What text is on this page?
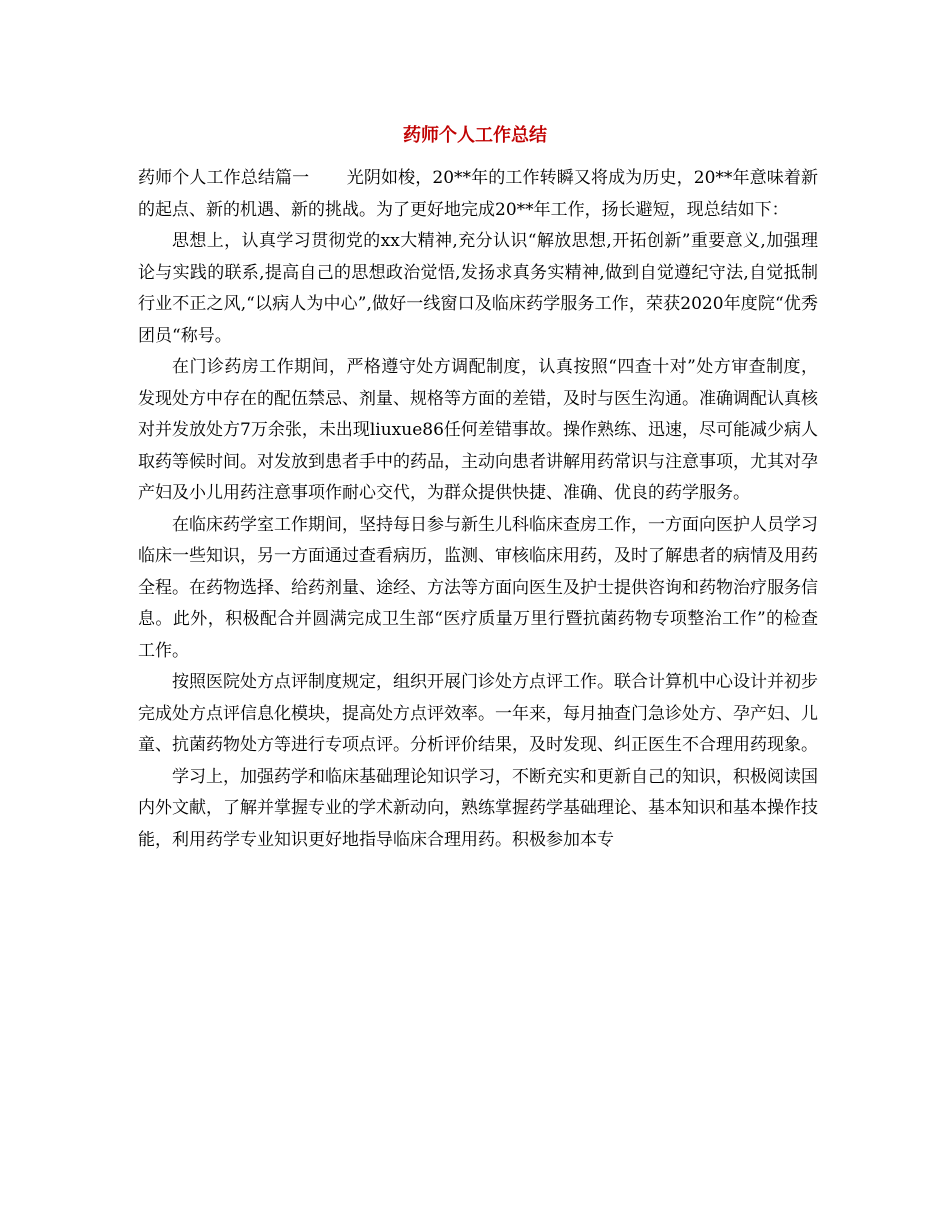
药师个人工作总结

药师个人工作总结篇一 光阴如梭，20**年的工作转瞬又将成为历史，20**年意味着新的起点、新的机遇、新的挑战。为了更好地完成20**年工作，扬长避短，现总结如下：

思想上，认真学习贯彻党的xx大精神,充分认识“解放思想,开拓创新”重要意义,加强理论与实践的联系,提高自己的思想政治觉悟,发扬求真务实精神,做到自觉遵纪守法,自觉抵制行业不正之风,“以病人为中心”,做好一线窗口及临床药学服务工作，荣获2020年度院“优秀团员“称号。

在门诊药房工作期间，严格遵守处方调配制度，认真按照“四查十对”处方审查制度，发现处方中存在的配伍禁忌、剂量、规格等方面的差错，及时与医生沟通。准确调配认真核对并发放处方7万余张，未出现liuxue86任何差错事故。操作熟练、迅速，尽可能减少病人取药等候时间。对发放到患者手中的药品，主动向患者讲解用药常识与注意事项，尤其对孕产妇及小儿用药注意事项作耐心交代，为群众提供快捷、准确、优良的药学服务。

在临床药学室工作期间，坚持每日参与新生儿科临床查房工作，一方面向医护人员学习临床一些知识，另一方面通过查看病历，监测、审核临床用药，及时了解患者的病情及用药全程。在药物选择、给药剂量、途经、方法等方面向医生及护士提供咨询和药物治疗服务信息。此外，积极配合并圆满完成卫生部“医疗质量万里行暨抗菌药物专项整治工作”的检查工作。

按照医院处方点评制度规定，组织开展门诊处方点评工作。联合计算机中心设计并初步完成处方点评信息化模块，提高处方点评效率。一年来，每月抽查门急诊处方、孕产妇、儿童、抗菌药物处方等进行专项点评。分析评价结果，及时发现、纠正医生不合理用药现象。

学习上，加强药学和临床基础理论知识学习，不断充实和更新自己的知识，积极阅读国内外文献，了解并掌握专业的学术新动向，熟练掌握药学基础理论、基本知识和基本操作技能，利用药学专业知识更好地指导临床合理用药。积极参加本专
